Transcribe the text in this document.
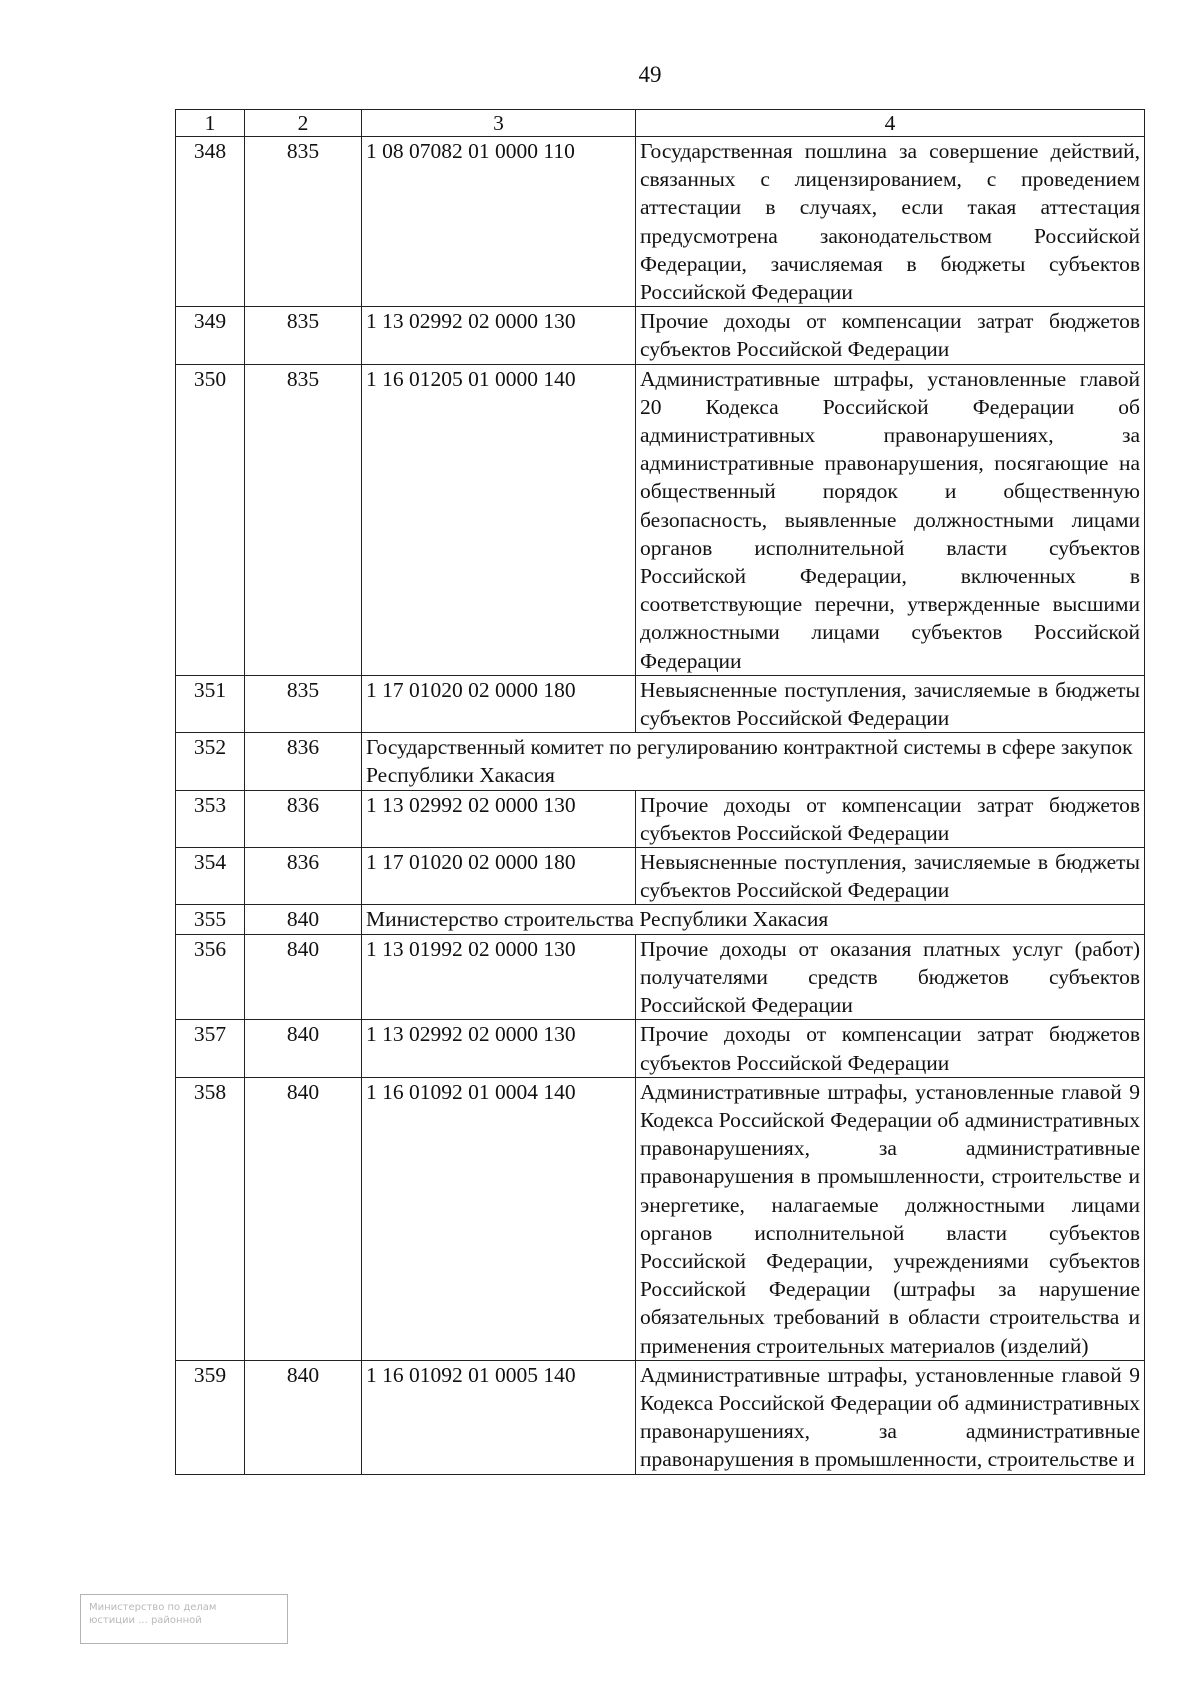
49
1	2	3	4
348	835	1 08 07082 01 0000 110	Государственная пошлина за совершение действий, связанных с лицензированием, с проведением аттестации в случаях, если такая аттестация предусмотрена законодательством Российской Федерации, зачисляемая в бюджеты субъектов Российской Федерации
349	835	1 13 02992 02 0000 130	Прочие доходы от компенсации затрат бюджетов субъектов Российской Федерации
350	835	1 16 01205 01 0000 140	Административные штрафы, установленные главой 20 Кодекса Российской Федерации об административных правонарушениях, за административные правонарушения, посягающие на общественный порядок и общественную безопасность, выявленные должностными лицами органов исполнительной власти субъектов Российской Федерации, включенных в соответствующие перечни, утвержденные высшими должностными лицами субъектов Российской Федерации
351	835	1 17 01020 02 0000 180	Невыясненные поступления, зачисляемые в бюджеты субъектов Российской Федерации
352	836	Государственный комитет по регулированию контрактной системы в сфере закупок Республики Хакасия	
353	836	1 13 02992 02 0000 130	Прочие доходы от компенсации затрат бюджетов субъектов Российской Федерации
354	836	1 17 01020 02 0000 180	Невыясненные поступления, зачисляемые в бюджеты субъектов Российской Федерации
355	840	Министерство строительства Республики Хакасия	
356	840	1 13 01992 02 0000 130	Прочие доходы от оказания платных услуг (работ) получателями средств бюджетов субъектов Российской Федерации
357	840	1 13 02992 02 0000 130	Прочие доходы от компенсации затрат бюджетов субъектов Российской Федерации
358	840	1 16 01092 01 0004 140	Административные штрафы, установленные главой 9 Кодекса Российской Федерации об административных правонарушениях, за административные правонарушения в промышленности, строительстве и энергетике, налагаемые должностными лицами органов исполнительной власти субъектов Российской Федерации, учреждениями субъектов Российской Федерации (штрафы за нарушение обязательных требований в области строительства и применения строительных материалов (изделий)
359	840	1 16 01092 01 0005 140	Административные штрафы, установленные главой 9 Кодекса Российской Федерации об административных правонарушениях, за административные правонарушения в промышленности, строительстве и
Министерство по делам
юстиции ... районной
